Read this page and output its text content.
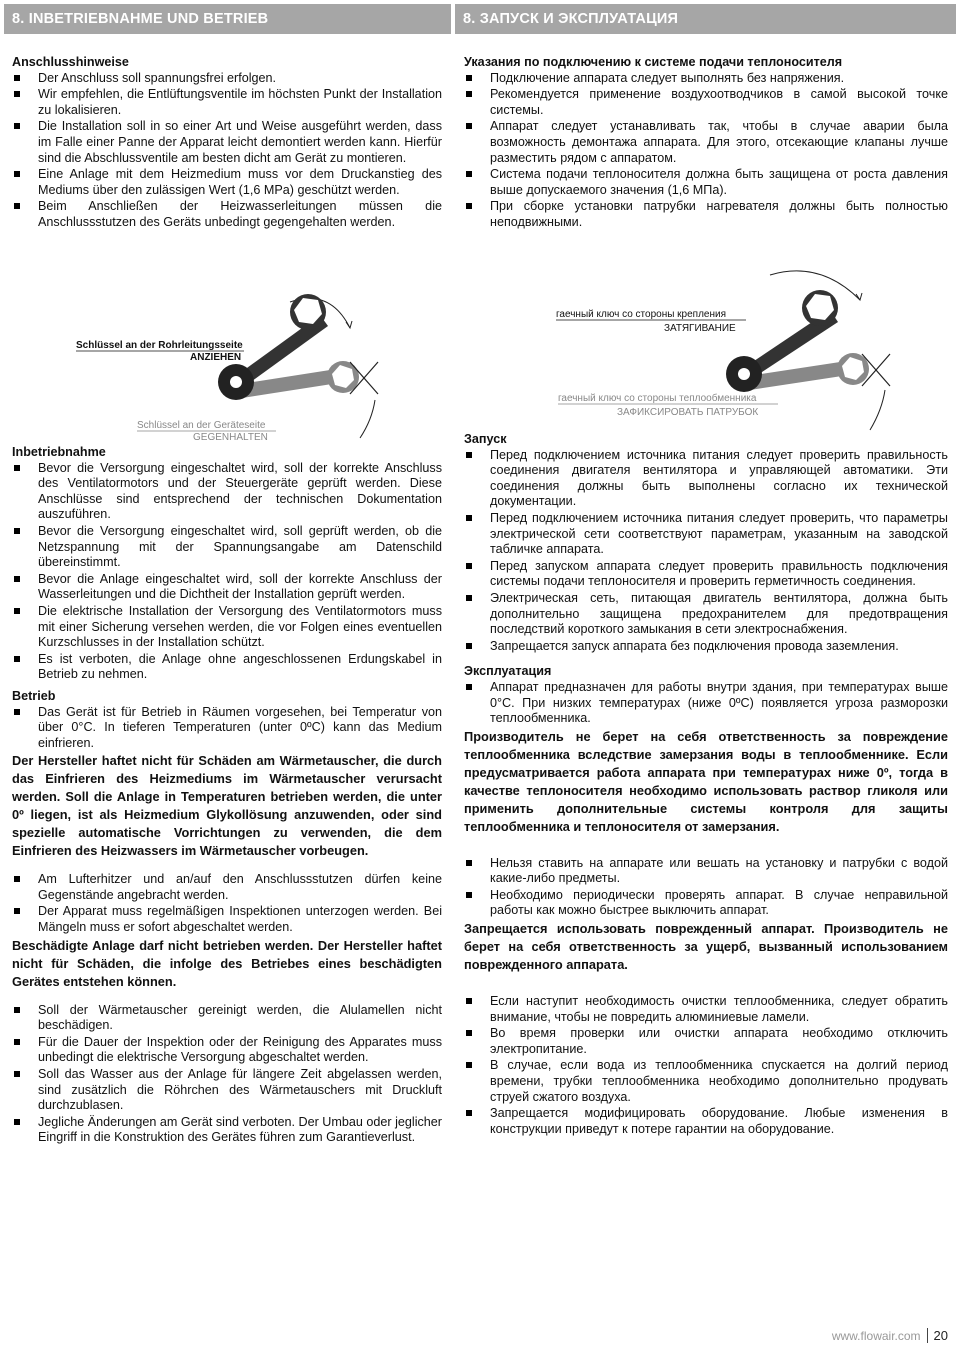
8. INBETRIEBNAHME UND BETRIEB	8. ЗАПУСК И ЭКСПЛУАТАЦИЯ

Anschlusshinweise

Der Anschluss soll spannungsfrei erfolgen.
Wir empfehlen, die Entlüftungsventile im höchsten Punkt der Installation zu lokalisieren.
Die Installation soll in so einer Art und Weise ausgeführt werden, dass im Falle einer Panne der Apparat leicht demontiert werden kann. Hierfür sind die Abschlussventile am besten dicht am Gerät zu montieren.
Eine Anlage mit dem Heizmedium muss vor dem Druckanstieg des Mediums über den zulässigen Wert (1,6 MPa) geschützt werden.
Beim Anschließen der Heizwasserleitungen müssen die Anschlussstutzen des Geräts unbedingt gegengehalten werden.

Указания по подключению к системе подачи теплоносителя

Подключение аппарата следует выполнять без напряжения.
Рекомендуется применение воздухоотводчиков в самой высокой точке системы.
Аппарат следует устанавливать так, чтобы в случае аварии была возможность демонтажа аппарата. Для этого, отсекающие клапаны лучше разместить рядом с аппаратом.
Система подачи теплоносителя должна быть защищена от роста давления выше допускаемого значения (1,6 МПа).
При сборке установки патрубки нагревателя должны быть полностью неподвижными.
Schlüssel an der Rohrleitungsseite
ANZIEHEN
Schlüssel an der Geräteseite
GEGENHALTEN
гаечный ключ со стороны крепления
ЗАТЯГИВАНИЕ
гаечный ключ со стороны теплообменника
ЗАФИКСИРОВАТЬ ПАТРУБОК

Inbetriebnahme

Bevor die Versorgung eingeschaltet wird, soll der korrekte Anschluss des Ventilatormotors und der Steuergeräte geprüft werden. Diese Anschlüsse sind entsprechend der technischen Dokumentation auszuführen.
Bevor die Versorgung eingeschaltet wird, soll geprüft werden, ob die Netzspannung mit der Spannungsangabe am Datenschild übereinstimmt.
Bevor die Anlage eingeschaltet wird, soll der korrekte Anschluss der Wasserleitungen und die Dichtheit der Installation geprüft werden.
Die elektrische Installation der Versorgung des Ventilatormotors muss mit einer Sicherung versehen werden, die vor Folgen eines eventuellen Kurzschlusses in der Installation schützt.
Es ist verboten, die Anlage ohne angeschlossenen Erdungskabel in Betrieb zu nehmen.

Betrieb

Das Gerät ist für Betrieb in Räumen vorgesehen, bei Temperatur von über 0°C. In tieferen Temperaturen (unter 0ºC) kann das Medium einfrieren.

Der Hersteller haftet nicht für Schäden am Wärmetauscher, die durch das Einfrieren des Heizmediums im Wärmetauscher verursacht werden. Soll die Anlage in Temperaturen betrieben werden, die unter 0º liegen, ist als Heizmedium Glykollösung anzuwenden, oder sind spezielle automatische Vorrichtungen zu verwenden, die dem Einfrieren des Heizwassers im Wärmetauscher vorbeugen.

Am Lufterhitzer und an/auf den Anschlussstutzen dürfen keine Gegenstände angebracht werden.
Der Apparat muss regelmäßigen Inspektionen unterzogen werden. Bei Mängeln muss er sofort abgeschaltet werden.

Beschädigte Anlage darf nicht betrieben werden. Der Hersteller haftet nicht für Schäden, die infolge des Betriebes eines beschädigten Gerätes entstehen können.

Soll der Wärmetauscher gereinigt werden, die Alulamellen nicht beschädigen.
Für die Dauer der Inspektion oder der Reinigung des Apparates muss unbedingt die elektrische Versorgung abgeschaltet werden.
Soll das Wasser aus der Anlage für längere Zeit abgelassen werden, sind zusätzlich die Röhrchen des Wärmetauschers mit Druckluft durchzublasen.
Jegliche Änderungen am Gerät sind verboten. Der Umbau oder jeglicher Eingriff in die Konstruktion des Gerätes führen zum Garantieverlust.

Запуск

Перед подключением источника питания следует проверить правильность соединения двигателя вентилятора и управляющей автоматики. Эти соединения должны быть выполнены согласно их технической документации.
Перед подключением источника питания следует проверить, что параметры электрической сети соответствуют параметрам, указанным на заводской табличке аппарата.
Перед запуском аппарата следует проверить правильность подключения системы подачи теплоносителя и проверить герметичность соединения.
Электрическая сеть, питающая двигатель вентилятора, должна быть дополнительно защищена предохранителем для предотвращения последствий короткого замыкания в сети электроснабжения.
Запрещается запуск аппарата без подключения провода заземления.

Эксплуатация

Аппарат предназначен для работы внутри здания, при температурах выше 0°C. При низких температурах (ниже 0ºC) появляется угроза разморозки теплообменника.

Производитель не берет на себя ответственность за повреждение теплообменника вследствие замерзания воды в теплообменнике. Если предусматривается работа аппарата при температурах ниже 0º, тогда в качестве теплоносителя необходимо использовать раствор гликоля или применить дополнительные системы контроля для защиты теплообменника и теплоносителя от замерзания.

Нельзя ставить на аппарате или вешать на установку и патрубки с водой какие-либо предметы.
Необходимо периодически проверять аппарат. В случае неправильной работы как можно быстрее выключить аппарат.

Запрещается использовать поврежденный аппарат. Производитель не берет на себя ответственность за ущерб, вызванный использованием поврежденного аппарата.

Если наступит необходимость очистки теплообменника, следует обратить внимание, чтобы не повредить алюминиевые ламели.
Во время проверки или очистки аппарата необходимо отключить электропитание.
В случае, если вода из теплообменника спускается на долгий период времени, трубки теплообменника необходимо дополнительно продувать струей сжатого воздуха.
Запрещается модифицировать оборудование. Любые изменения в конструкции приведут к потере гарантии на оборудование.
www.flowair.com 20
